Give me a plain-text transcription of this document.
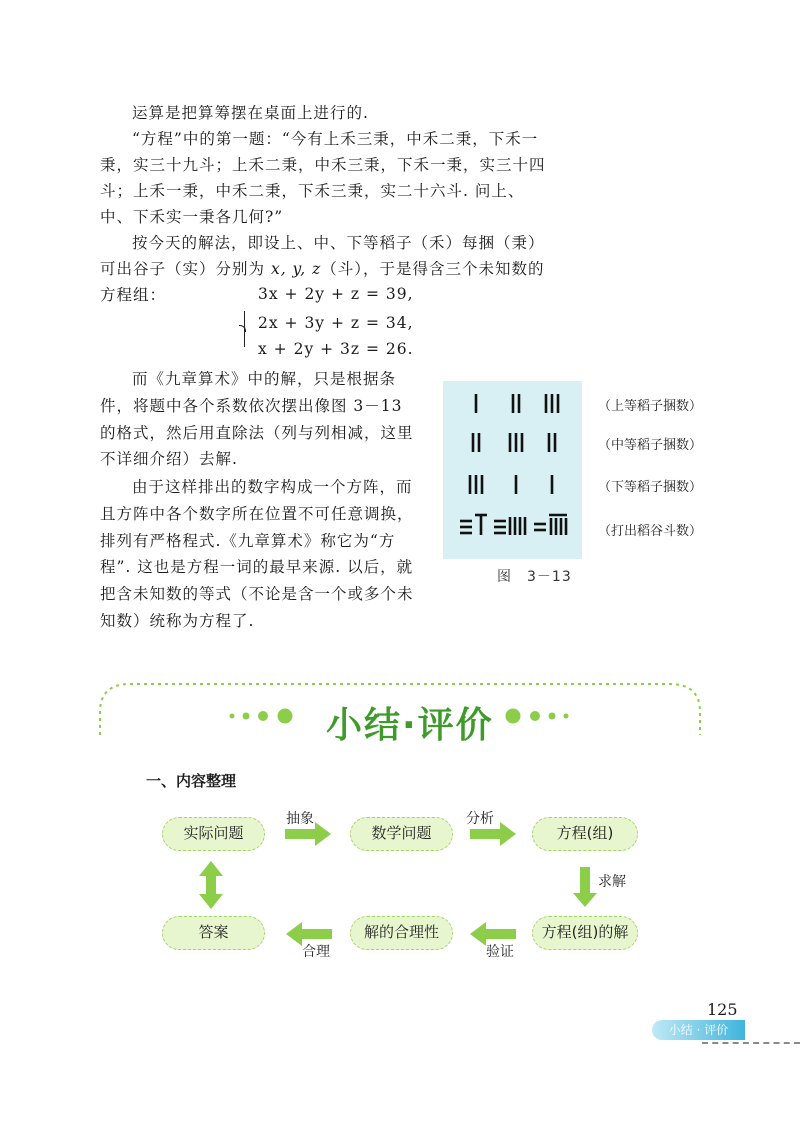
运算是把算筹摆在桌面上进行的.

“方程”中的第一题：“今有上禾三秉，中禾二秉，下禾一秉，实三十九斗；上禾二秉，中禾三秉，下禾一秉，实三十四斗；上禾一秉，中禾二秉，下禾三秉，实二十六斗. 问上、中、下禾实一秉各几何?”

按今天的解法，即设上、中、下等稻子（禾）每捆（秉）可出谷子（实）分别为 x, y, z（斗），于是得含三个未知数的方程组：	3x + 2y + z = 39,
2x + 3y + z = 34,
x + 2y + 3z = 26.

而《九章算术》中的解，只是根据条件，将题中各个系数依次摆出像图 3－13 的格式，然后用直除法（列与列相减，这里不详细介绍）去解.

由于这样排出的数字构成一个方阵，而且方阵中各个数字所在位置不可任意调换，排列有严格程式.《九章算术》称它为“方程”. 这也是方程一词的最早来源. 以后，就把含未知数的等式（不论是含一个或多个未知数）统称为方程了.

（上等稻子捆数）
（中等稻子捆数）
（下等稻子捆数）
（打出稻谷斗数）
图　3－13
小结·评价
一、内容整理
实际问题	数学问题	方程(组)
方程(组)的解
解的合理性
答案
抽象	分析
求解
验证
合理
125
小结 · 评价
